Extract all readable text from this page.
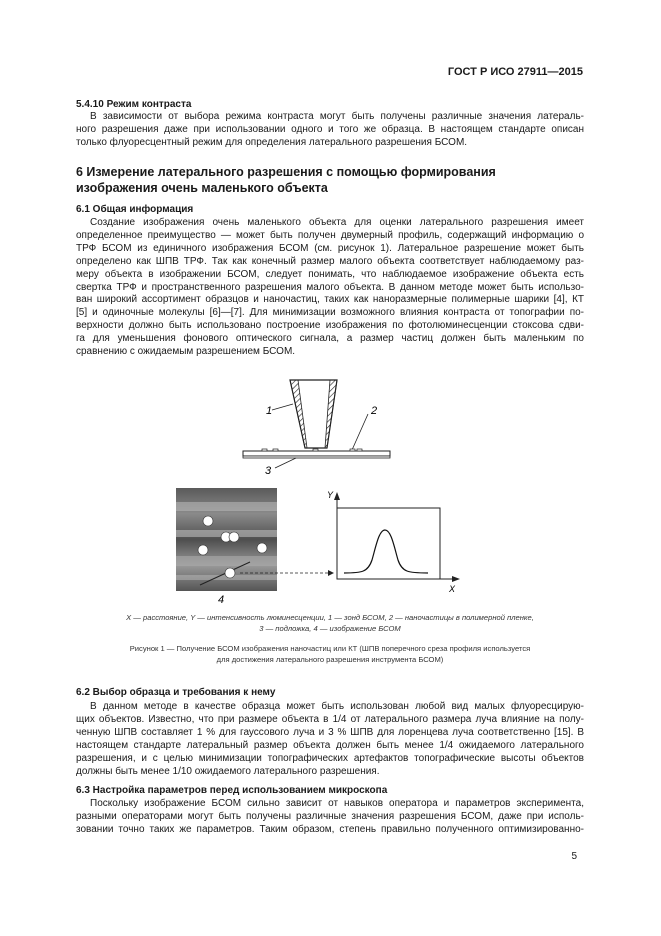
ГОСТ Р ИСО 27911—2015
5.4.10 Режим контраста
В зависимости от выбора режима контраста могут быть получены различные значения латераль-
ного разрешения даже при использовании одного и того же образца. В настоящем стандарте описан
только флуоресцентный режим для определения латерального разрешения БСОМ.
6 Измерение латерального разрешения с помощью формирования
изображения очень маленького объекта
6.1 Общая информация
Создание изображения очень маленького объекта для оценки латерального разрешения имеет
определенное преимущество — может быть получен двумерный профиль, содержащий информацию о
ТРФ БСОМ из единичного изображения БСОМ (см. рисунок 1). Латеральное разрешение может быть
определено как ШПВ ТРФ. Так как конечный размер малого объекта соответствует наблюдаемому раз-
меру объекта в изображении БСОМ, следует понимать, что наблюдаемое изображение объекта есть
свертка ТРФ и пространственного разрешения малого объекта. В данном методе может быть использо-
ван широкий ассортимент образцов и наночастиц, таких как наноразмерные полимерные шарики [4], КТ
[5] и одиночные молекулы [6]—[7]. Для минимизации возможного влияния контраста от топографии по-
верхности должно быть использовано построение изображения по фотолюминесценции стоксова сдви-
га для уменьшения фонового оптического сигнала, а размер частиц должен быть маленьким по
сравнению с ожидаемым разрешением БСОМ.
1	2
3
4
Y
X
X — расстояние, Y — интенсивность люминесценции, 1 — зонд БСОМ, 2 — наночастицы в полимерной пленке,
3 — подложка, 4 — изображение БСОМ
Рисунок 1 — Получение БСОМ изображения наночастиц или КТ (ШПВ поперечного среза профиля используется
для достижения латерального разрешения инструмента БСОМ)
6.2 Выбор образца и требования к нему
В данном методе в качестве образца может быть использован любой вид малых флуоресцирую-
щих объектов. Известно, что при размере объекта в 1/4 от латерального размера луча влияние на полу-
ченную ШПВ составляет 1 % для гауссового луча и 3 % ШПВ для лоренцева луча соответственно [15]. В
настоящем стандарте латеральный размер объекта должен быть менее 1/4 ожидаемого латерального
разрешения, и с целью минимизации топографических артефактов топографические высоты объектов
должны быть менее 1/10 ожидаемого латерального разрешения.
6.3 Настройка параметров перед использованием микроскопа
Поскольку изображение БСОМ сильно зависит от навыков оператора и параметров эксперимента,
разными операторами могут быть получены различные значения разрешения БСОМ, даже при исполь-
зовании точно таких же параметров. Таким образом, степень правильно полученного оптимизированно-
5
